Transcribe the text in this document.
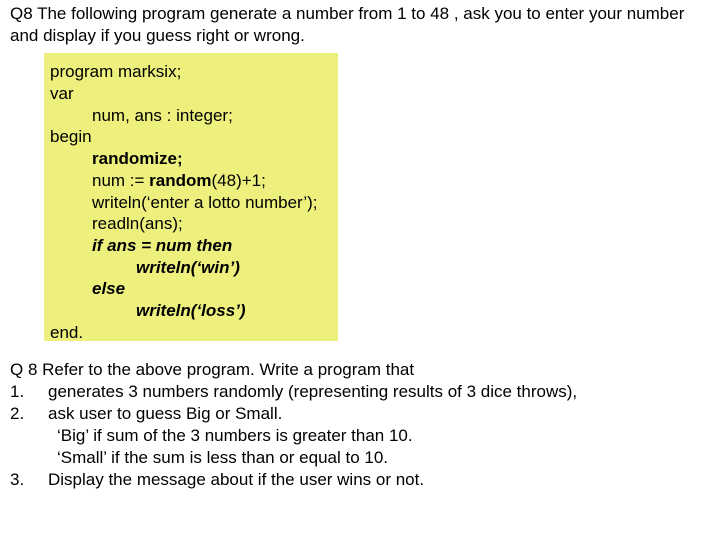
Q8 The following program generate a number from 1 to 48 , ask you to enter your number
and display if you guess right or wrong.
program marksix;
var
num, ans : integer;
begin
randomize;
num := random(48)+1;
writeln(‘enter a lotto number’);
readln(ans);
if ans = num then
writeln(‘win’)
else
writeln(‘loss’)
end.
Q 8 Refer to the above program. Write a program that
1. generates 3 numbers randomly (representing results of 3 dice throws),
2. ask user to guess Big or Small.
‘Big’ if sum of the 3 numbers is greater than 10.
‘Small’ if the sum is less than or equal to 10.
3. Display the message about if the user wins or not.
